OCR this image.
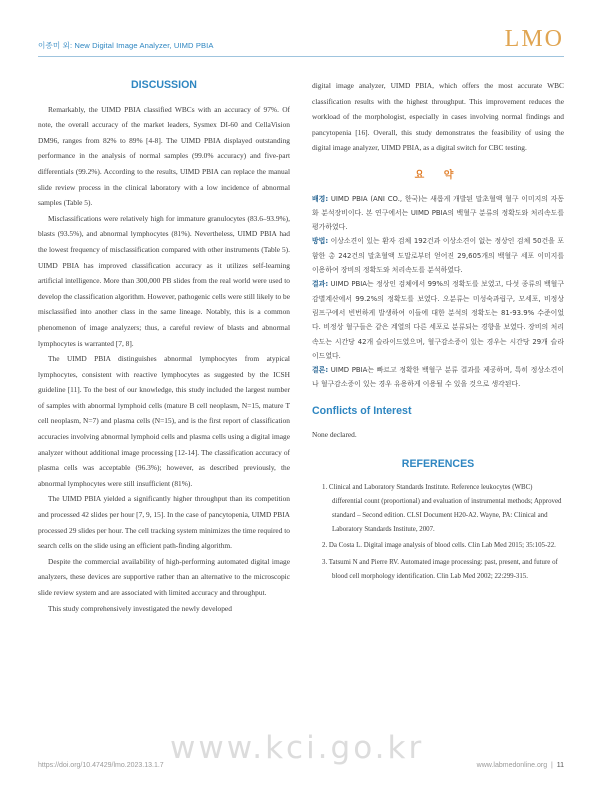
이종미 외: New Digital Image Analyzer, UIMD PBIA	LMO
DISCUSSION

Remarkably, the UIMD PBIA classified WBCs with an accuracy of 97%. Of note, the overall accuracy of the market leaders, Sysmex DI-60 and CellaVision DM96, ranges from 82% to 89% [4-8]. The UIMD PBIA displayed outstanding performance in the analysis of normal samples (99.0% accuracy) and five-part differentials (99.2%). According to the results, UIMD PBIA can replace the manual slide review process in the clinical laboratory with a low incidence of abnormal samples (Table 5).

Misclassifications were relatively high for immature granulocytes (83.6–93.9%), blasts (93.5%), and abnormal lymphocytes (81%). Nevertheless, UIMD PBIA had the lowest frequency of misclassification compared with other instruments (Table 5). UIMD PBIA has improved classification accuracy as it utilizes self-learning artificial intelligence. More than 300,000 PB slides from the real world were used to develop the classification algorithm. However, pathogenic cells were still likely to be misclassified into another class in the same lineage. Notably, this is a common phenomenon of image analyzers; thus, a careful review of blasts and abnormal lymphocytes is warranted [7, 8].

The UIMD PBIA distinguishes abnormal lymphocytes from atypical lymphocytes, consistent with reactive lymphocytes as suggested by the ICSH guideline [11]. To the best of our knowledge, this study included the largest number of samples with abnormal lymphoid cells (mature B cell neoplasm, N=15, mature T cell neoplasm, N=7) and plasma cells (N=15), and is the first report of classification accuracies involving abnormal lymphoid cells and plasma cells using a digital image analyzer without additional image processing [12-14]. The classification accuracy of plasma cells was acceptable (96.3%); however, as described previously, the abnormal lymphocytes were still insufficient (81%).

The UIMD PBIA yielded a significantly higher throughput than its competition and processed 42 slides per hour [7, 9, 15]. In the case of pancytopenia, UIMD PBIA processed 29 slides per hour. The cell tracking system minimizes the time required to search cells on the slide using an efficient path-finding algorithm.

Despite the commercial availability of high-performing automated digital image analyzers, these devices are supportive rather than an alternative to the microscopic slide review system and are associated with limited accuracy and throughput.

This study comprehensively investigated the newly developed

digital image analyzer, UIMD PBIA, which offers the most accurate WBC classification results with the highest throughput. This improvement reduces the workload of the morphologist, especially in cases involving normal findings and pancytopenia [16]. Overall, this study demonstrates the feasibility of using the digital image analyzer, UIMD PBIA, as a digital switch for CBC testing.

요 약

배경: UIMD PBIA (ANI CO., 한국)는 새롭게 개발된 말초혈액 혈구 이미지의 자동화 분석장비이다. 본 연구에서는 UIMD PBIA의 백혈구 분류의 정확도와 처리속도를 평가하였다.

방법: 이상소견이 있는 환자 검체 192건과 이상소견이 없는 정상인 검체 50건을 포함한 총 242건의 말초혈액 도말로부터 얻어진 29,605개의 백혈구 세포 이미지를 이용하여 장비의 정확도와 처리속도를 분석하였다.

결과: UIMD PBIA는 정상인 검체에서 99%의 정확도를 보였고, 다섯 종류의 백혈구감별계산에서 99.2%의 정확도를 보였다. 오분류는 미성숙과립구, 모세포, 비정상 림프구에서 빈번하게 발생하여 이들에 대한 분석의 정확도는 81-93.9% 수준이었다. 비정상 혈구들은 같은 계열의 다른 세포로 분류되는 경향을 보였다. 장비의 처리속도는 시간당 42개 슬라이드였으며, 혈구감소증이 있는 경우는 시간당 29개 슬라이드였다.

결론: UIMD PBIA는 빠르고 정확한 백혈구 분류 결과를 제공하며, 특히 정상소견이나 혈구감소증이 있는 경우 유용하게 이용될 수 있을 것으로 생각된다.

Conflicts of Interest

None declared.

REFERENCES
1. Clinical and Laboratory Standards Institute. Reference leukocytes (WBC) differential count (proportional) and evaluation of instrumental methods; Approved standard – Second edition. CLSI Document H20-A2. Wayne, PA: Clinical and Laboratory Standards Institute, 2007.
2. Da Costa L. Digital image analysis of blood cells. Clin Lab Med 2015; 35:105-22.
3. Tatsumi N and Pierre RV. Automated image processing: past, present, and future of blood cell morphology identification. Clin Lab Med 2002; 22:299-315.
www.kci.go.kr
https://doi.org/10.47429/lmo.2023.13.1.7	www.labmedonline.org  |  11
